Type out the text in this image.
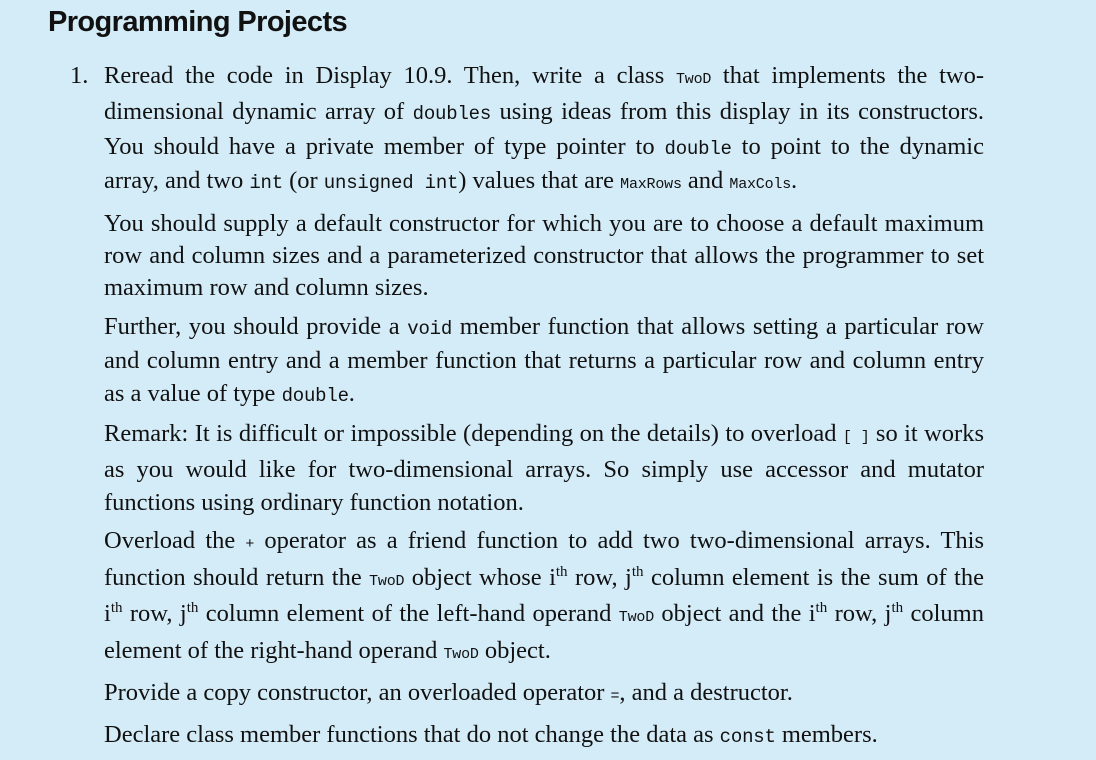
Programming Projects
1. Reread the code in Display 10.9. Then, write a class TwoD that implements the two-dimensional dynamic array of doubles using ideas from this display in its constructors. You should have a private member of type pointer to double to point to the dynamic array, and two int (or unsigned int) values that are MaxRows and MaxCols.

You should supply a default constructor for which you are to choose a default maximum row and column sizes and a parameterized constructor that allows the programmer to set maximum row and column sizes.

Further, you should provide a void member function that allows setting a particular row and column entry and a member function that returns a particular row and column entry as a value of type double.

Remark: It is difficult or impossible (depending on the details) to overload [ ] so it works as you would like for two-dimensional arrays. So simply use accessor and mutator functions using ordinary function notation.

Overload the + operator as a friend function to add two two-dimensional arrays. This function should return the TwoD object whose $i^{th}$ row, $j^{th}$ column element is the sum of the $i^{th}$ row, $j^{th}$ column element of the left-hand operand TwoD object and the $i^{th}$ row, $j^{th}$ column element of the right-hand operand TwoD object.

Provide a copy constructor, an overloaded operator =, and a destructor.

Declare class member functions that do not change the data as const members.
